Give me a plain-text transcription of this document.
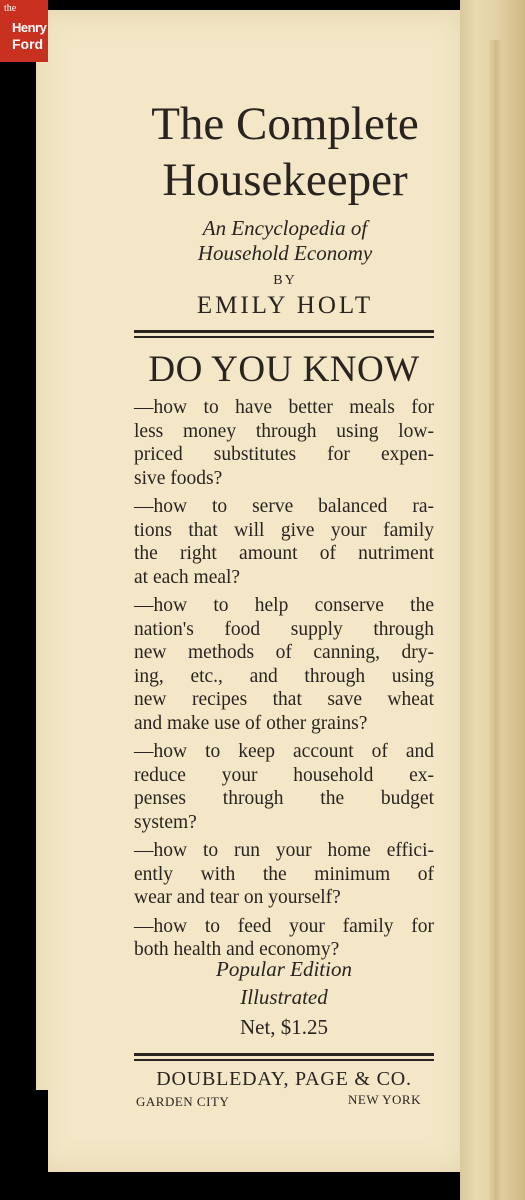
the
Henry
Ford
The Complete
Housekeeper
An Encyclopedia of
Household Economy
BY
EMILY HOLT
DO YOU KNOW
—how to have better meals for
less money through using low-
priced substitutes for expen-
sive foods?
—how to serve balanced ra-
tions that will give your family
the right amount of nutriment
at each meal?
—how to help conserve the
nation's food supply through
new methods of canning, dry-
ing, etc., and through using
new recipes that save wheat
and make use of other grains?
—how to keep account of and
reduce your household ex-
penses through the budget
system?
—how to run your home effici-
ently with the minimum of
wear and tear on yourself?
—how to feed your family for
both health and economy?
Popular Edition
Illustrated
Net, $1.25
DOUBLEDAY, PAGE & CO.
GARDEN CITY	NEW YORK
